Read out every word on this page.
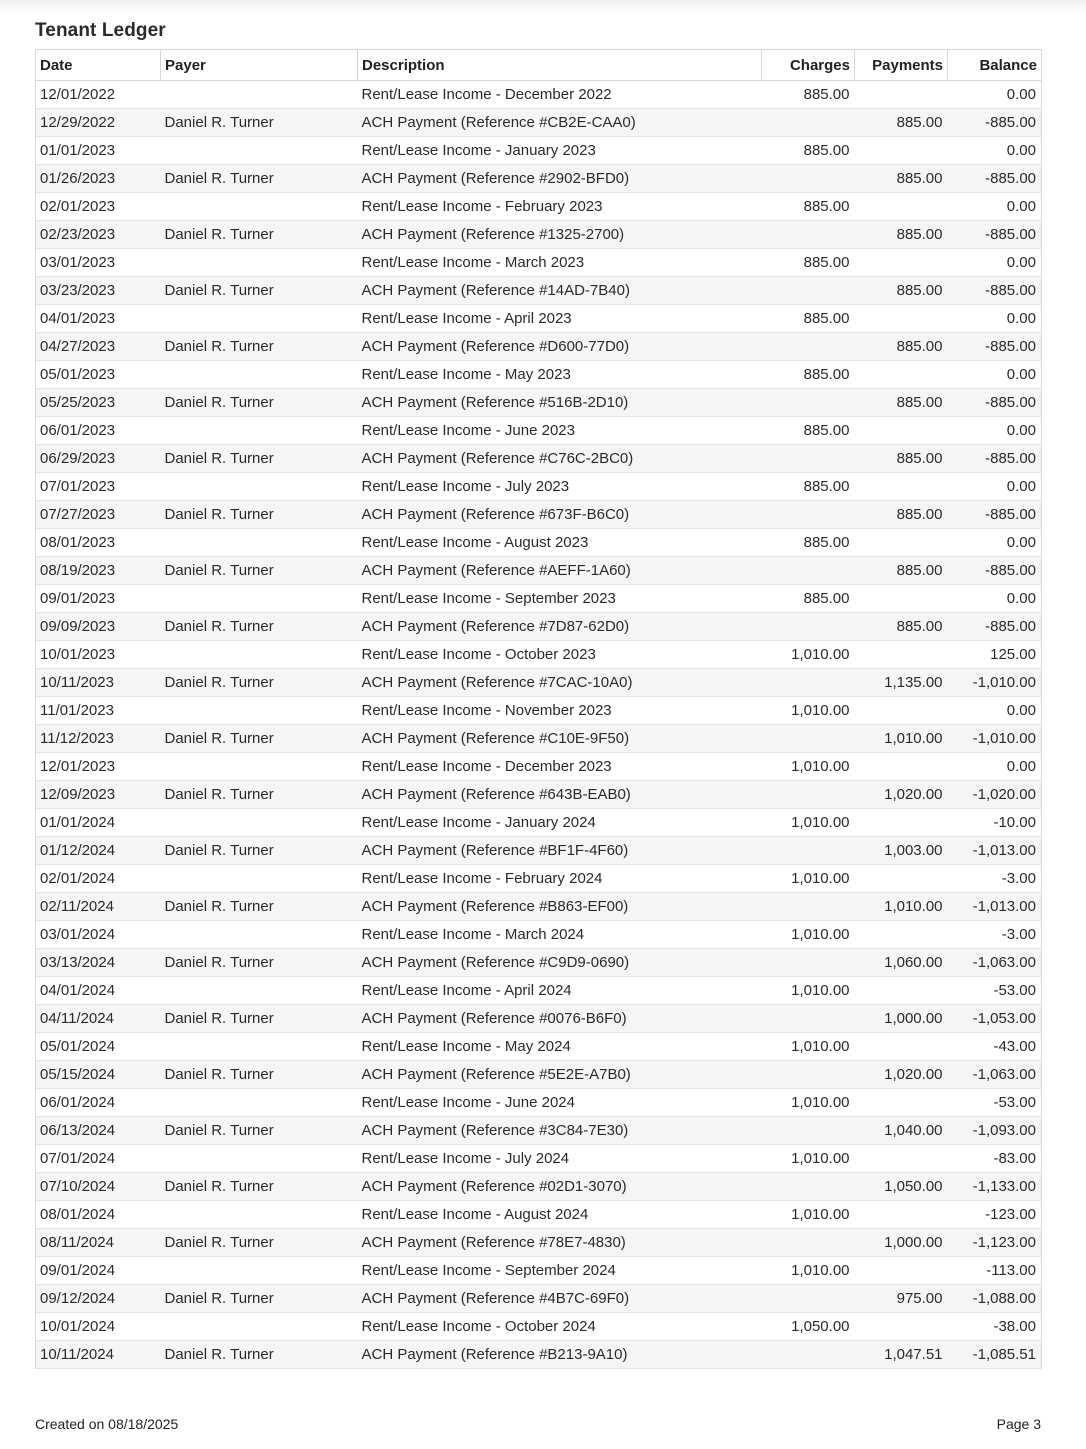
Tenant Ledger
Date	Payer	Description	Charges	Payments	Balance
12/01/2022		Rent/Lease Income - December 2022	885.00		0.00
12/29/2022	Daniel R. Turner	ACH Payment (Reference #CB2E-CAA0)		885.00	-885.00
01/01/2023		Rent/Lease Income - January 2023	885.00		0.00
01/26/2023	Daniel R. Turner	ACH Payment (Reference #2902-BFD0)		885.00	-885.00
02/01/2023		Rent/Lease Income - February 2023	885.00		0.00
02/23/2023	Daniel R. Turner	ACH Payment (Reference #1325-2700)		885.00	-885.00
03/01/2023		Rent/Lease Income - March 2023	885.00		0.00
03/23/2023	Daniel R. Turner	ACH Payment (Reference #14AD-7B40)		885.00	-885.00
04/01/2023		Rent/Lease Income - April 2023	885.00		0.00
04/27/2023	Daniel R. Turner	ACH Payment (Reference #D600-77D0)		885.00	-885.00
05/01/2023		Rent/Lease Income - May 2023	885.00		0.00
05/25/2023	Daniel R. Turner	ACH Payment (Reference #516B-2D10)		885.00	-885.00
06/01/2023		Rent/Lease Income - June 2023	885.00		0.00
06/29/2023	Daniel R. Turner	ACH Payment (Reference #C76C-2BC0)		885.00	-885.00
07/01/2023		Rent/Lease Income - July 2023	885.00		0.00
07/27/2023	Daniel R. Turner	ACH Payment (Reference #673F-B6C0)		885.00	-885.00
08/01/2023		Rent/Lease Income - August 2023	885.00		0.00
08/19/2023	Daniel R. Turner	ACH Payment (Reference #AEFF-1A60)		885.00	-885.00
09/01/2023		Rent/Lease Income - September 2023	885.00		0.00
09/09/2023	Daniel R. Turner	ACH Payment (Reference #7D87-62D0)		885.00	-885.00
10/01/2023		Rent/Lease Income - October 2023	1,010.00		125.00
10/11/2023	Daniel R. Turner	ACH Payment (Reference #7CAC-10A0)		1,135.00	-1,010.00
11/01/2023		Rent/Lease Income - November 2023	1,010.00		0.00
11/12/2023	Daniel R. Turner	ACH Payment (Reference #C10E-9F50)		1,010.00	-1,010.00
12/01/2023		Rent/Lease Income - December 2023	1,010.00		0.00
12/09/2023	Daniel R. Turner	ACH Payment (Reference #643B-EAB0)		1,020.00	-1,020.00
01/01/2024		Rent/Lease Income - January 2024	1,010.00		-10.00
01/12/2024	Daniel R. Turner	ACH Payment (Reference #BF1F-4F60)		1,003.00	-1,013.00
02/01/2024		Rent/Lease Income - February 2024	1,010.00		-3.00
02/11/2024	Daniel R. Turner	ACH Payment (Reference #B863-EF00)		1,010.00	-1,013.00
03/01/2024		Rent/Lease Income - March 2024	1,010.00		-3.00
03/13/2024	Daniel R. Turner	ACH Payment (Reference #C9D9-0690)		1,060.00	-1,063.00
04/01/2024		Rent/Lease Income - April 2024	1,010.00		-53.00
04/11/2024	Daniel R. Turner	ACH Payment (Reference #0076-B6F0)		1,000.00	-1,053.00
05/01/2024		Rent/Lease Income - May 2024	1,010.00		-43.00
05/15/2024	Daniel R. Turner	ACH Payment (Reference #5E2E-A7B0)		1,020.00	-1,063.00
06/01/2024		Rent/Lease Income - June 2024	1,010.00		-53.00
06/13/2024	Daniel R. Turner	ACH Payment (Reference #3C84-7E30)		1,040.00	-1,093.00
07/01/2024		Rent/Lease Income - July 2024	1,010.00		-83.00
07/10/2024	Daniel R. Turner	ACH Payment (Reference #02D1-3070)		1,050.00	-1,133.00
08/01/2024		Rent/Lease Income - August 2024	1,010.00		-123.00
08/11/2024	Daniel R. Turner	ACH Payment (Reference #78E7-4830)		1,000.00	-1,123.00
09/01/2024		Rent/Lease Income - September 2024	1,010.00		-113.00
09/12/2024	Daniel R. Turner	ACH Payment (Reference #4B7C-69F0)		975.00	-1,088.00
10/01/2024		Rent/Lease Income - October 2024	1,050.00		-38.00
10/11/2024	Daniel R. Turner	ACH Payment (Reference #B213-9A10)		1,047.51	-1,085.51
Created on 08/18/2025	Page 3
